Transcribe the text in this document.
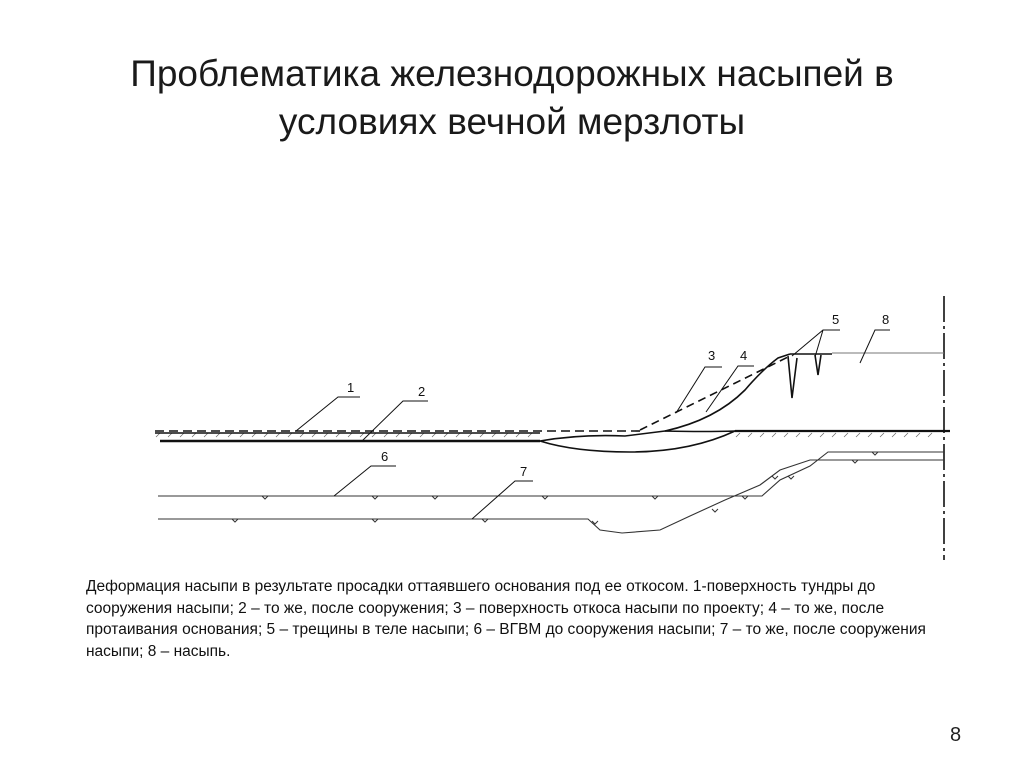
Проблематика железнодорожных насыпей в
условиях вечной мерзлоты
1	2
3 4
5	8
6
7
Деформация насыпи в результате просадки оттаявшего основания под ее откосом. 1-поверхность тундры до сооружения насыпи; 2 – то же, после сооружения; 3 – поверхность откоса насыпи по проекту; 4 – то же, после протаивания основания; 5 – трещины в теле насыпи; 6 – ВГВМ до сооружения насыпи; 7 – то же, после сооружения насыпи; 8 – насыпь.
8
